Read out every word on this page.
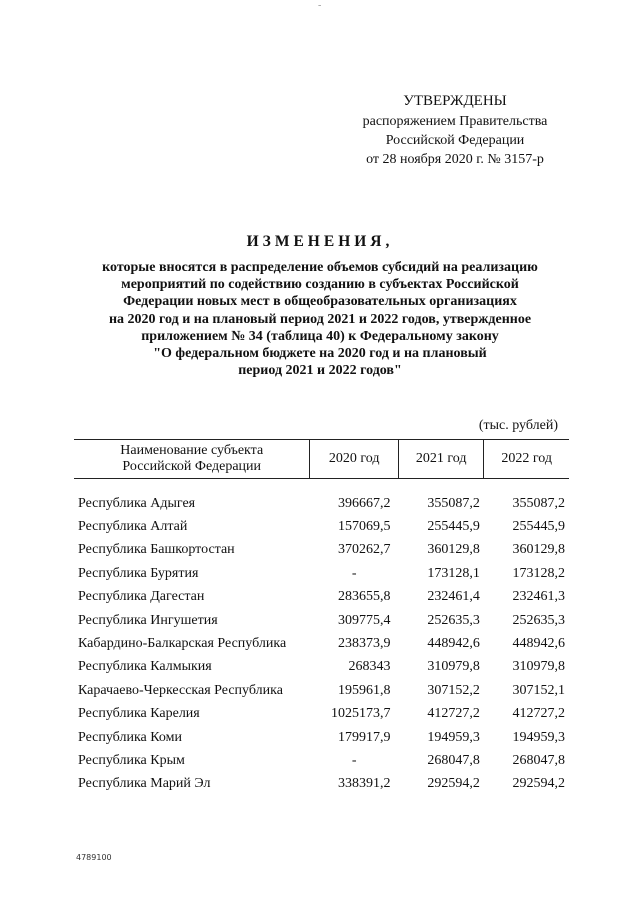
-
УТВЕРЖДЕНЫ
распоряжением Правительства
Российской Федерации
от 28 ноября 2020 г. № 3157-р
ИЗМЕНЕНИЯ,
которые вносятся в распределение объемов субсидий на реализацию
мероприятий по содействию созданию в субъектах Российской
Федерации новых мест в общеобразовательных организациях
на 2020 год и на плановый период 2021 и 2022 годов, утвержденное
приложением № 34 (таблица 40) к Федеральному закону
"О федеральном бюджете на 2020 год и на плановый
период 2021 и 2022 годов"
(тыс. рублей)
Наименование субъекта
Российской Федерации	2020 год	2021 год	2022 год

Республика Адыгея	396667,2	355087,2	355087,2
Республика Алтай	157069,5	255445,9	255445,9
Республика Башкортостан	370262,7	360129,8	360129,8
Республика Бурятия	-	173128,1	173128,2
Республика Дагестан	283655,8	232461,4	232461,3
Республика Ингушетия	309775,4	252635,3	252635,3
Кабардино-Балкарская Республика	238373,9	448942,6	448942,6
Республика Калмыкия	268343	310979,8	310979,8
Карачаево-Черкесская Республика	195961,8	307152,2	307152,1
Республика Карелия	1025173,7	412727,2	412727,2
Республика Коми	179917,9	194959,3	194959,3
Республика Крым	-	268047,8	268047,8
Республика Марий Эл	338391,2	292594,2	292594,2
4789100
